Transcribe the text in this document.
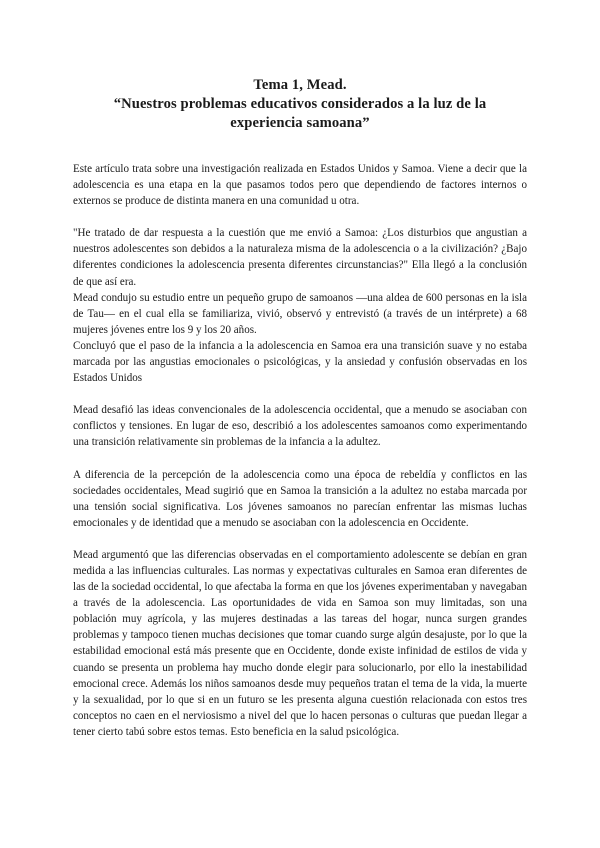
Tema 1, Mead.

“Nuestros problemas educativos considerados a la luz de la

experiencia samoana”

Este artículo trata sobre una investigación realizada en Estados Unidos y Samoa. Viene a decir que la adolescencia es una etapa en la que pasamos todos pero que dependiendo de factores internos o externos se produce de distinta manera en una comunidad u otra.

"He tratado de dar respuesta a la cuestión que me envió a Samoa: ¿Los disturbios que angustian a nuestros adolescentes son debidos a la naturaleza misma de la adolescencia o a la civilización? ¿Bajo diferentes condiciones la adolescencia presenta diferentes circunstancias?" Ella llegó a la conclusión de que así era.

Mead condujo su estudio entre un pequeño grupo de samoanos —una aldea de 600 personas en la isla de Tau— en el cual ella se familiariza, vivió, observó y entrevistó (a través de un intérprete) a 68 mujeres jóvenes entre los 9 y los 20 años.

Concluyó que el paso de la infancia a la adolescencia en Samoa era una transición suave y no estaba marcada por las angustias emocionales o psicológicas, y la ansiedad y confusión observadas en los Estados Unidos

Mead desafió las ideas convencionales de la adolescencia occidental, que a menudo se asociaban con conflictos y tensiones. En lugar de eso, describió a los adolescentes samoanos como experimentando una transición relativamente sin problemas de la infancia a la adultez.

A diferencia de la percepción de la adolescencia como una época de rebeldía y conflictos en las sociedades occidentales, Mead sugirió que en Samoa la transición a la adultez no estaba marcada por una tensión social significativa. Los jóvenes samoanos no parecían enfrentar las mismas luchas emocionales y de identidad que a menudo se asociaban con la adolescencia en Occidente.

Mead argumentó que las diferencias observadas en el comportamiento adolescente se debían en gran medida a las influencias culturales. Las normas y expectativas culturales en Samoa eran diferentes de las de la sociedad occidental, lo que afectaba la forma en que los jóvenes experimentaban y navegaban a través de la adolescencia. Las oportunidades de vida en Samoa son muy limitadas, son una población muy agrícola, y las mujeres destinadas a las tareas del hogar, nunca surgen grandes problemas y tampoco tienen muchas decisiones que tomar cuando surge algún desajuste, por lo que la estabilidad emocional está más presente que en Occidente, donde existe infinidad de estilos de vida y cuando se presenta un problema hay mucho donde elegir para solucionarlo, por ello la inestabilidad emocional crece. Además los niños samoanos desde muy pequeños tratan el tema de la vida, la muerte y la sexualidad, por lo que si en un futuro se les presenta alguna cuestión relacionada con estos tres conceptos no caen en el nerviosismo a nivel del que lo hacen personas o culturas que puedan llegar a tener cierto tabú sobre estos temas. Esto beneficia en la salud psicológica.
